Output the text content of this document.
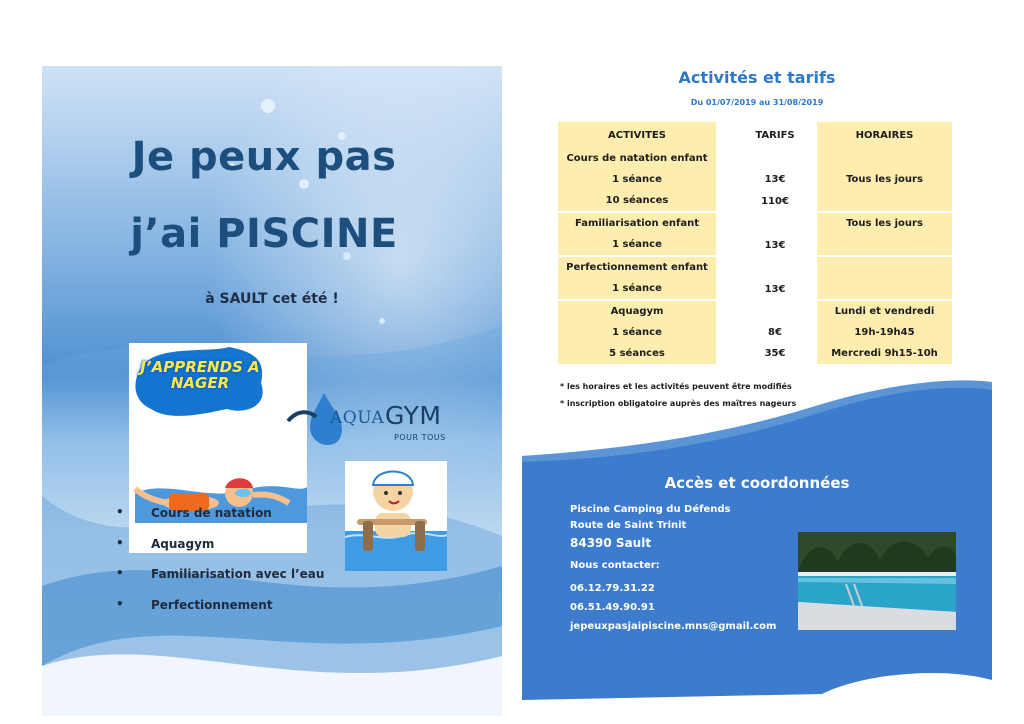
Je peux pas
j’ai PISCINE
à SAULT cet été !
J’APPRENDS A NAGER
AQUA GYM
POUR TOUS
• Cours de natation
• Aquagym
• Familiarisation avec l’eau
• Perfectionnement
Activités et tarifs
Du 01/07/2019 au 31/08/2019
ACTIVITES		TARIFS		HORAIRES
Cours de natation enfant				
1 séance		13€		Tous les jours
10 séances		110€		
Familiarisation enfant				Tous les jours
1 séance		13€		
Perfectionnement enfant				
1 séance		13€		
Aquagym				Lundi et vendredi
1 séance		8€		19h-19h45
5 séances		35€		Mercredi 9h15-10h
* les horaires et les activités peuvent être modifiés
* inscription obligatoire auprès des maîtres nageurs
Accès et coordonnées
Piscine Camping du Défends
Route de Saint Trinit
84390 Sault
Nous contacter:
06.12.79.31.22
06.51.49.90.91
jepeuxpasjaipiscine.mns@gmail.com
